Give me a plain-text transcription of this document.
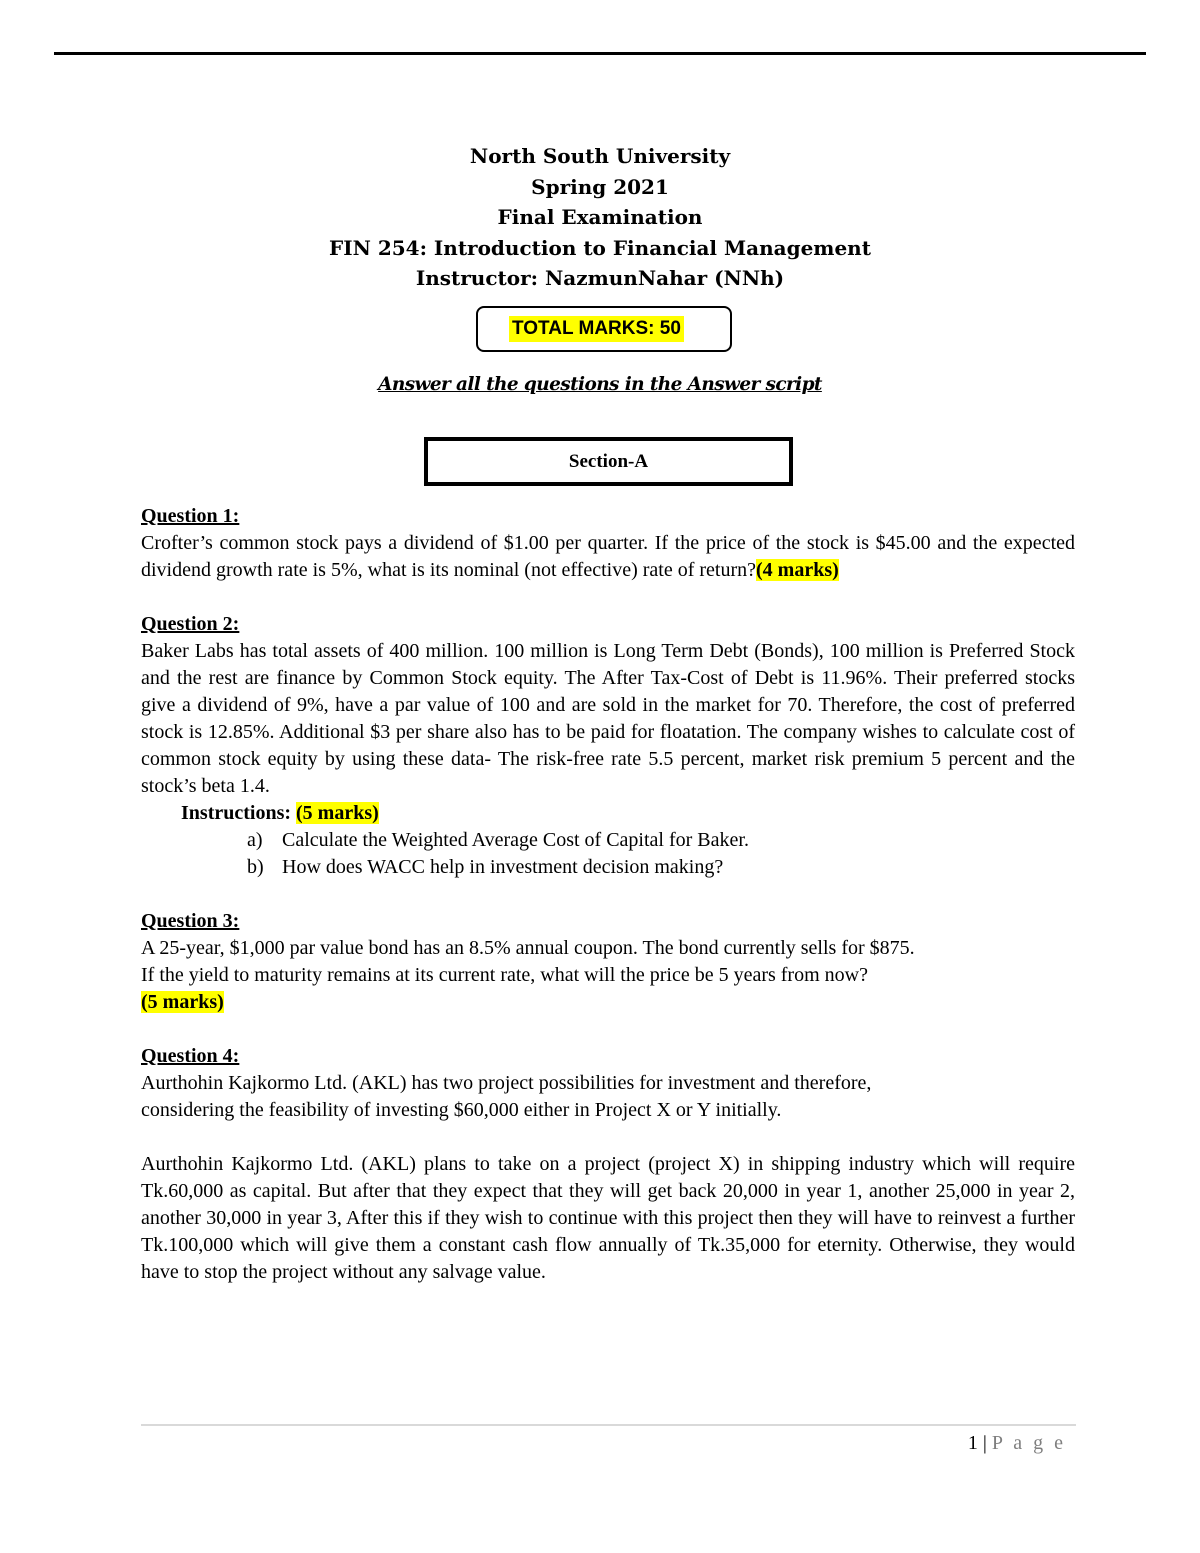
North South University
Spring 2021
Final Examination
FIN 254: Introduction to Financial Management
Instructor: NazmunNahar (NNh)
TOTAL MARKS: 50
Answer all the questions in the Answer script
Section-A
Question 1:
Crofter’s common stock pays a dividend of $1.00 per quarter. If the price of the stock is $45.00 and the expected dividend growth rate is 5%, what is its nominal (not effective) rate of return?(4 marks)
Question 2:
Baker Labs has total assets of 400 million. 100 million is Long Term Debt (Bonds), 100 million is Preferred Stock and the rest are finance by Common Stock equity. The After Tax-Cost of Debt is 11.96%. Their preferred stocks give a dividend of 9%, have a par value of 100 and are sold in the market for 70. Therefore, the cost of preferred stock is 12.85%. Additional $3 per share also has to be paid for floatation. The company wishes to calculate cost of common stock equity by using these data- The risk-free rate 5.5 percent, market risk premium 5 percent and the stock’s beta 1.4.
Instructions: (5 marks)
a) Calculate the Weighted Average Cost of Capital for Baker.
b) How does WACC help in investment decision making?
Question 3:
A 25-year, $1,000 par value bond has an 8.5% annual coupon. The bond currently sells for $875.
If the yield to maturity remains at its current rate, what will the price be 5 years from now?
(5 marks)
Question 4:
Aurthohin Kajkormo Ltd. (AKL) has two project possibilities for investment and therefore,
considering the feasibility of investing $60,000 either in Project X or Y initially.
Aurthohin Kajkormo Ltd. (AKL) plans to take on a project (project X) in shipping industry which will require Tk.60,000 as capital. But after that they expect that they will get back 20,000 in year 1, another 25,000 in year 2, another 30,000 in year 3, After this if they wish to continue with this project then they will have to reinvest a further Tk.100,000 which will give them a constant cash flow annually of Tk.35,000 for eternity. Otherwise, they would have to stop the project without any salvage value.
1 | P a g e
